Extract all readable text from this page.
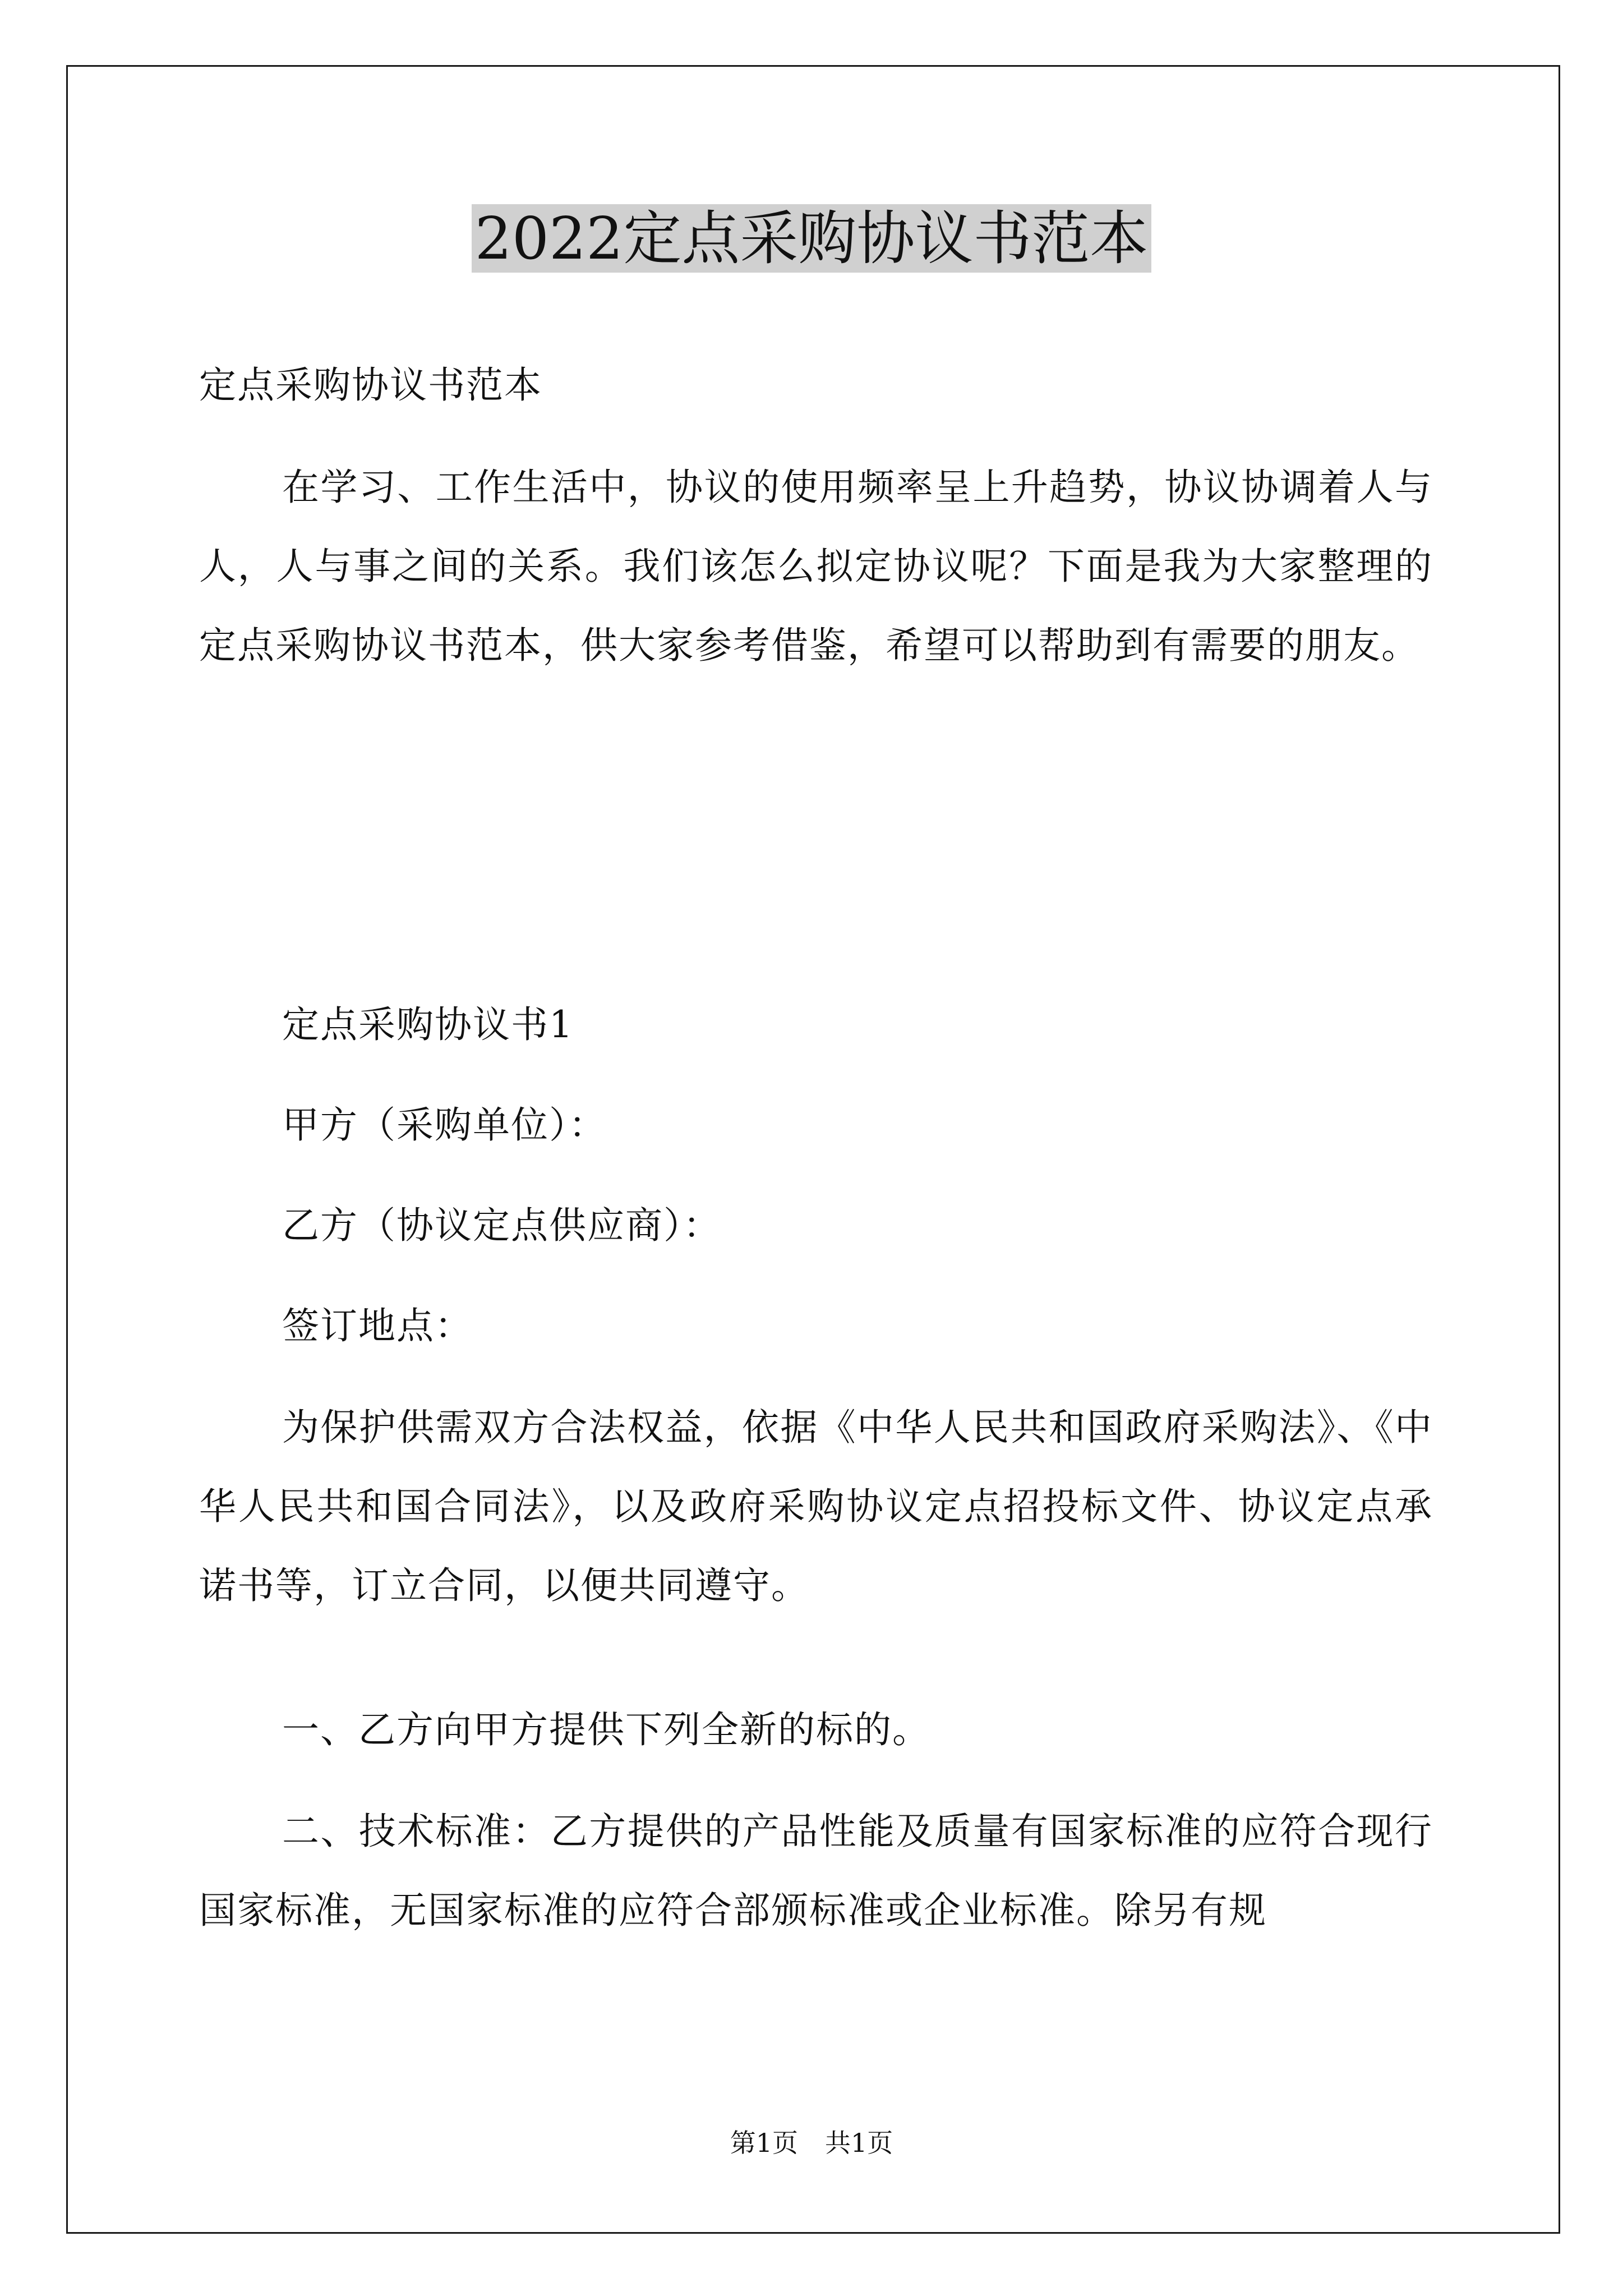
2022定点采购协议书范本

定点采购协议书范本

在学习、工作生活中，协议的使用频率呈上升趋势，协议协调着人与人，人与事之间的关系。我们该怎么拟定协议呢？下面是我为大家整理的定点采购协议书范本，供大家参考借鉴，希望可以帮助到有需要的朋友。

定点采购协议书1

甲方（采购单位）：

乙方（协议定点供应商）：

签订地点：

为保护供需双方合法权益，依据《中华人民共和国政府采购法》、《中华人民共和国合同法》，以及政府采购协议定点招投标文件、协议定点承诺书等，订立合同，以便共同遵守。

一、乙方向甲方提供下列全新的标的。

二、技术标准：乙方提供的产品性能及质量有国家标准的应符合现行国家标准，无国家标准的应符合部颁标准或企业标准。除另有规

第1页 共1页
